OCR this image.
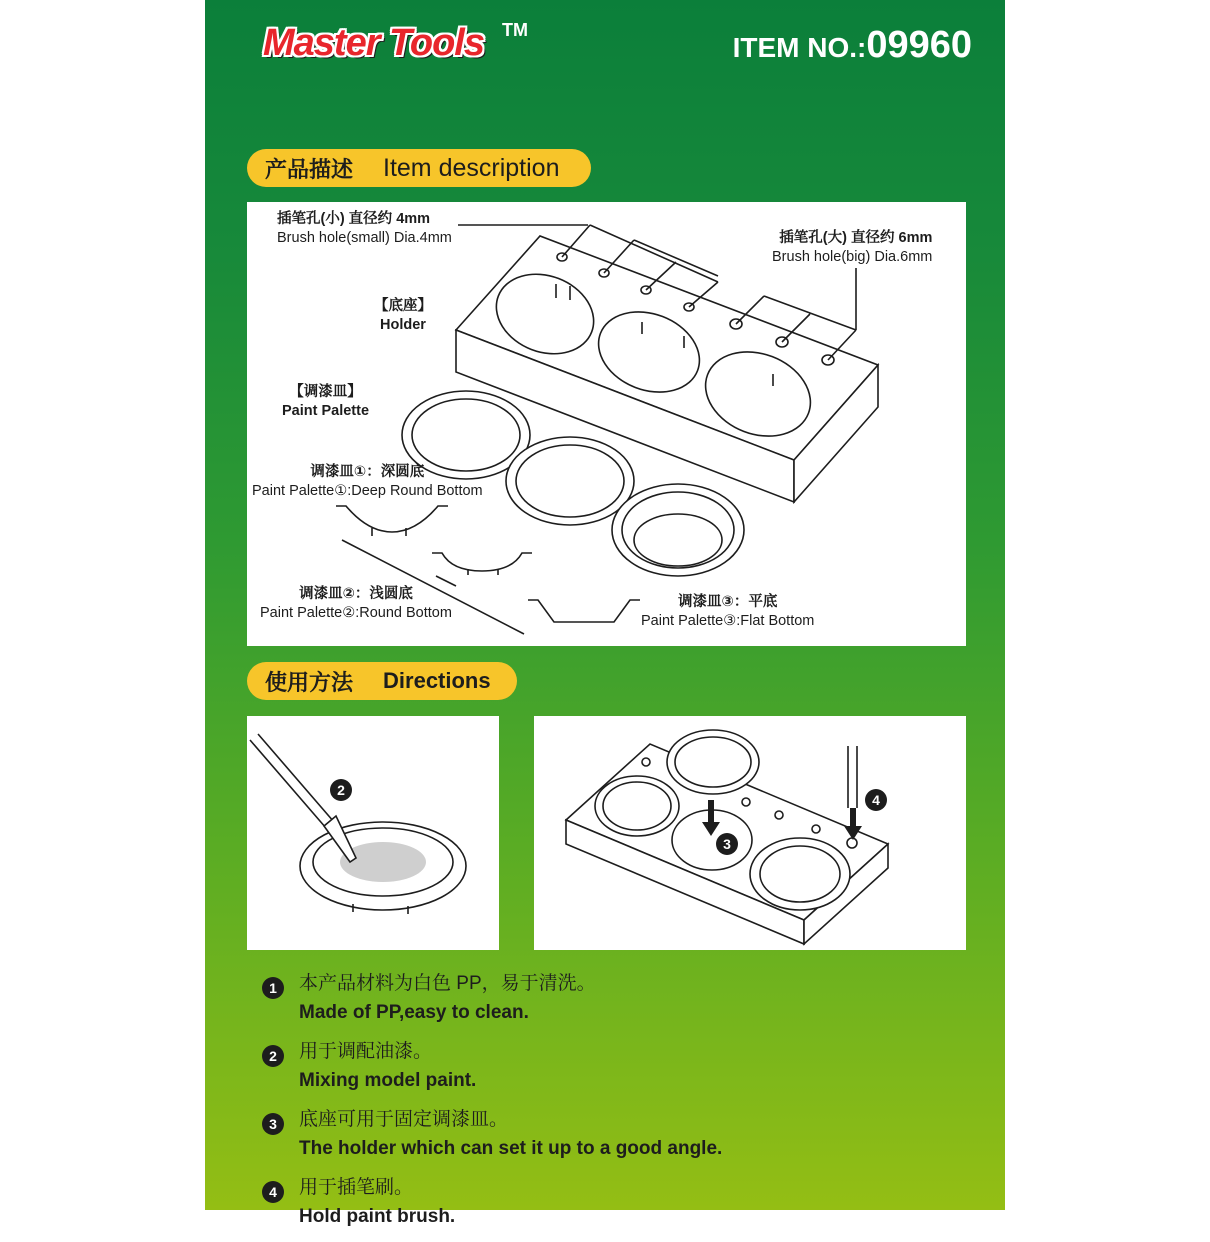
Master Tools TM
ITEM NO.:09960
产品描述 Item description
插笔孔(小) 直径约 4mm
Brush hole(small) Dia.4mm	插笔孔(大) 直径约 6mm
Brush hole(big) Dia.6mm
【底座】
Holder
【调漆皿】
Paint Palette
调漆皿①：深圆底
Paint Palette①:Deep Round Bottom
调漆皿②：浅圆底
Paint Palette②:Round Bottom
调漆皿③：平底
Paint Palette③:Flat Bottom
使用方法 Directions
2
3
4
1	本产品材料为白色 PP，易于清洗。
Made of PP,easy to clean.
2	用于调配油漆。
Mixing model paint.
3	底座可用于固定调漆皿。
The holder which can set it up to a good angle.
4	用于插笔刷。
Hold paint brush.
